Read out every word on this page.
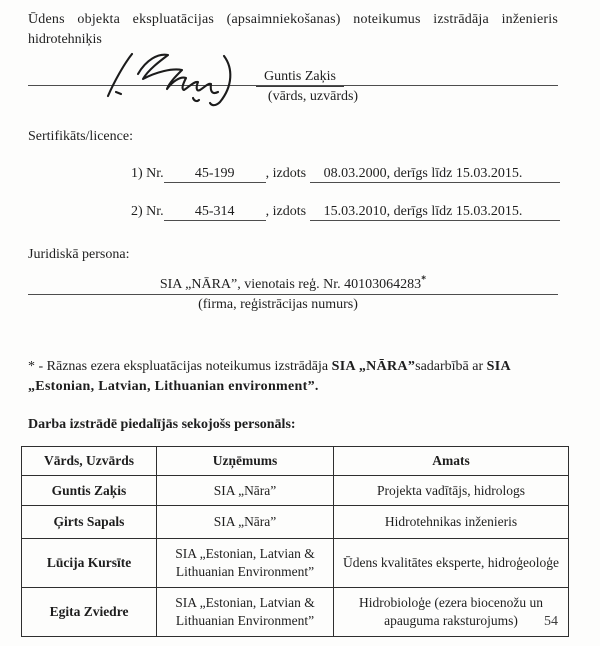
Ūdens objekta ekspluatācijas (apsaimniekošanas) noteikumus izstrādāja inženieris
hidrotehniķis
Guntis Zaķis
(vārds, uzvārds)
Sertifikāts/licence:
1) Nr. 45-199 , izdots 08.03.2000, derīgs līdz 15.03.2015.
2) Nr. 45-314 , izdots 15.03.2010, derīgs līdz 15.03.2015.
Juridiskā persona:
SIA „NĀRA”, vienotais reģ. Nr. 40103064283*
(firma, reģistrācijas numurs)
* - Rāznas ezera ekspluatācijas noteikumus izstrādāja SIA „NĀRA”sadarbībā ar SIA „Estonian, Latvian, Lithuanian environment”.
Darba izstrādē piedalījās sekojošs personāls:
Vārds, Uzvārds	Uzņēmums	Amats
Guntis Zaķis	SIA „Nāra”	Projekta vadītājs, hidrologs
Ģirts Sapals	SIA „Nāra”	Hidrotehnikas inženieris
Lūcija Kursīte	SIA „Estonian, Latvian & Lithuanian Environment”	Ūdens kvalitātes eksperte, hidroģeoloģe
Egita Zviedre	SIA „Estonian, Latvian & Lithuanian Environment”	Hidrobioloģe (ezera biocenožu un apauguma raksturojums) 54
